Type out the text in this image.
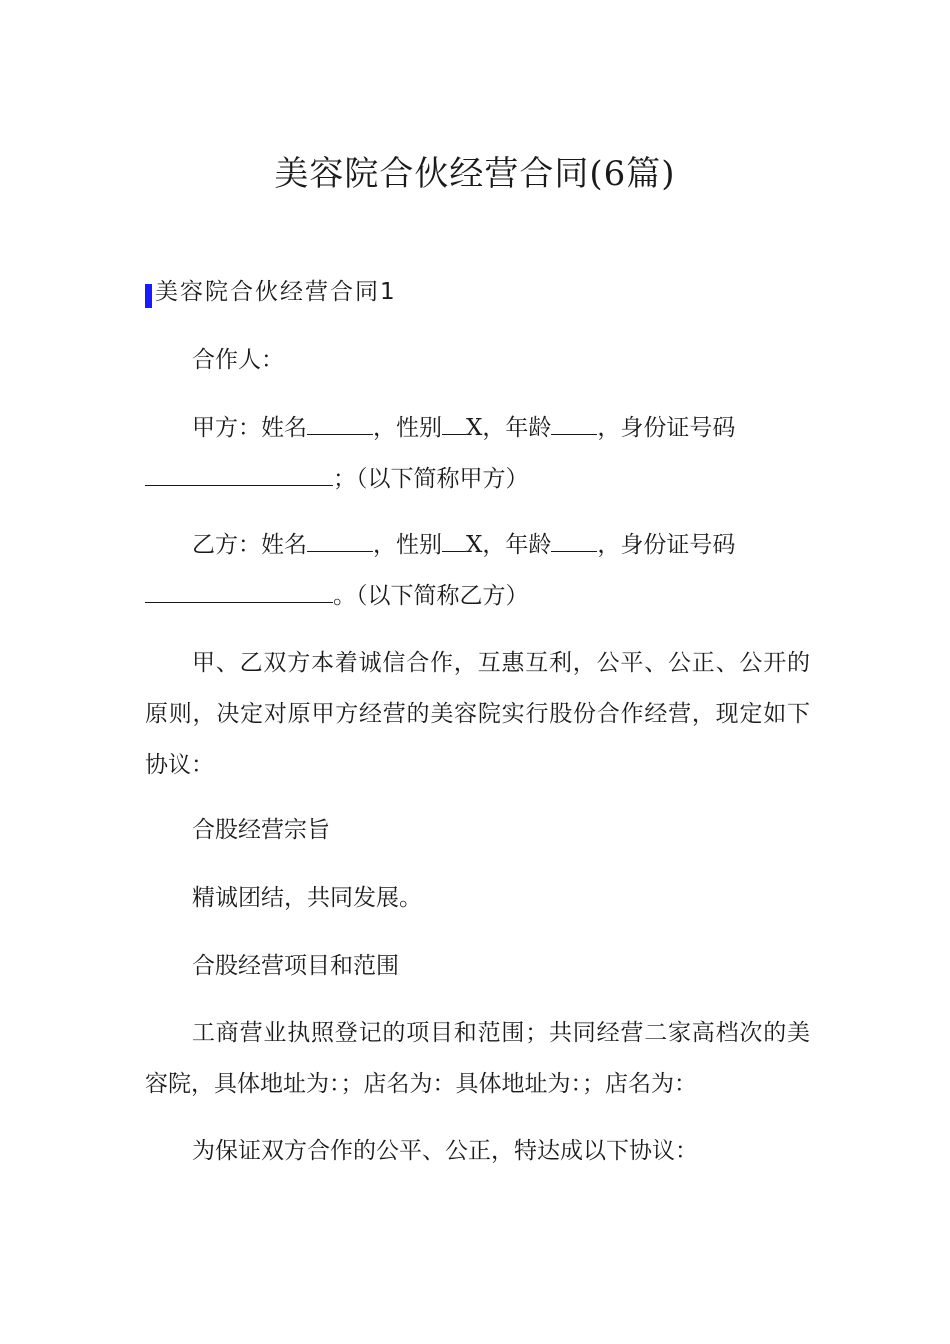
美容院合伙经营合同(6篇)
美容院合伙经营合同1

合作人：

甲方：姓名	，性别 X，年龄 ，身份证号码
；（以下简称甲方）

乙方：姓名	，性别 X，年龄 ，身份证号码
。（以下简称乙方）

甲、乙双方本着诚信合作，互惠互利，公平、公正、公开的原则，决定对原甲方经营的美容院实行股份合作经营，现定如下协议：

合股经营宗旨

精诚团结，共同发展。

合股经营项目和范围

工商营业执照登记的项目和范围；共同经营二家高档次的美容院，具体地址为：；店名为：具体地址为：；店名为：

为保证双方合作的公平、公正，特达成以下协议：
